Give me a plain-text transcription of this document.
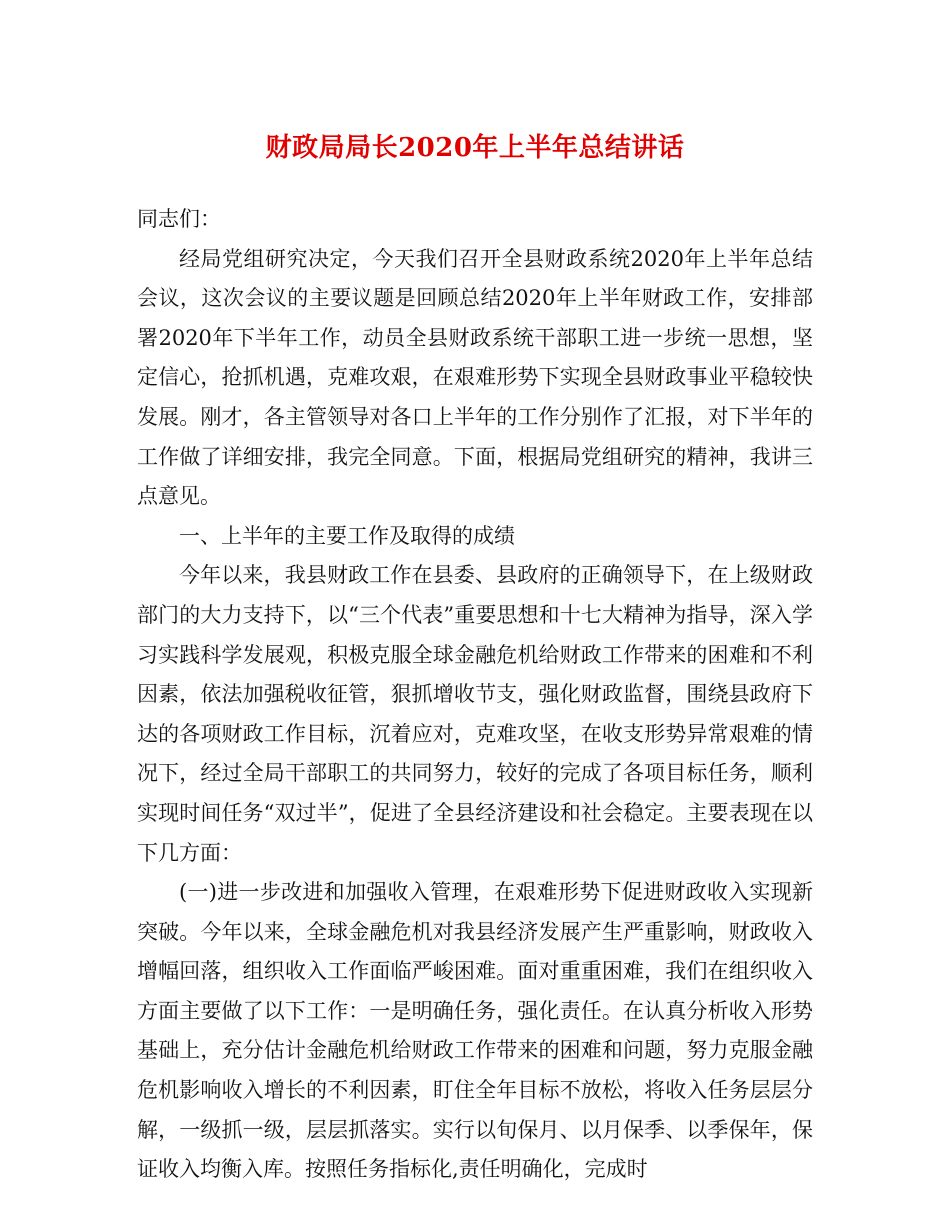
财政局局长2020年上半年总结讲话

同志们：

经局党组研究决定，今天我们召开全县财政系统2020年上半年总结会议，这次会议的主要议题是回顾总结2020年上半年财政工作，安排部署2020年下半年工作，动员全县财政系统干部职工进一步统一思想，坚定信心，抢抓机遇，克难攻艰，在艰难形势下实现全县财政事业平稳较快发展。刚才，各主管领导对各口上半年的工作分别作了汇报，对下半年的工作做了详细安排，我完全同意。下面，根据局党组研究的精神，我讲三点意见。

一、上半年的主要工作及取得的成绩

今年以来，我县财政工作在县委、县政府的正确领导下，在上级财政部门的大力支持下，以“三个代表”重要思想和十七大精神为指导，深入学习实践科学发展观，积极克服全球金融危机给财政工作带来的困难和不利因素，依法加强税收征管，狠抓增收节支，强化财政监督，围绕县政府下达的各项财政工作目标，沉着应对，克难攻坚，在收支形势异常艰难的情况下，经过全局干部职工的共同努力，较好的完成了各项目标任务，顺利实现时间任务“双过半”，促进了全县经济建设和社会稳定。主要表现在以下几方面：

(一)进一步改进和加强收入管理，在艰难形势下促进财政收入实现新突破。今年以来，全球金融危机对我县经济发展产生严重影响，财政收入增幅回落，组织收入工作面临严峻困难。面对重重困难，我们在组织收入方面主要做了以下工作：一是明确任务，强化责任。在认真分析收入形势基础上，充分估计金融危机给财政工作带来的困难和问题，努力克服金融危机影响收入增长的不利因素，盯住全年目标不放松，将收入任务层层分解，一级抓一级，层层抓落实。实行以旬保月、以月保季、以季保年，保证收入均衡入库。按照任务指标化,责任明确化，完成时
